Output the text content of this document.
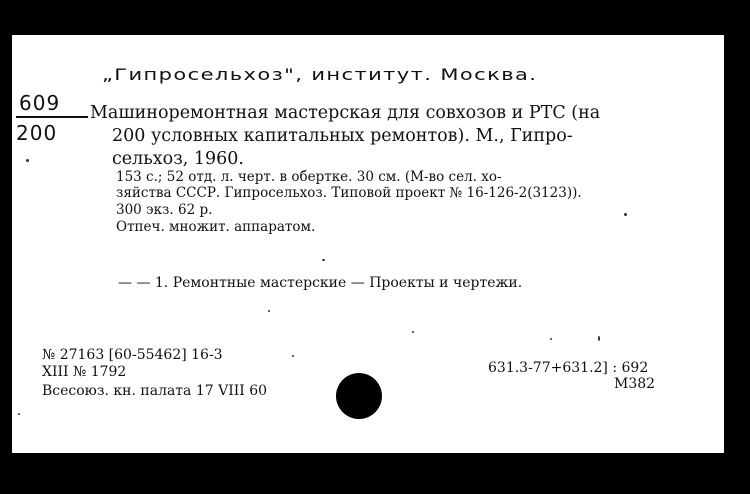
„Гипросельхоз", институт. Москва.
609
200
Машиноремонтная мастерская для совхозов и РТС (на
200 условных капитальных ремонтов). М., Гипро-
сельхоз, 1960.
153 с.; 52 отд. л. черт. в обертке. 30 см. (М-во сел. хо-
зяйства СССР. Гипросельхоз. Типовой проект № 16-126-2(3123)).
300 экз. 62 р.
Отпеч. множит. аппаратом.
— — 1. Ремонтные мастерские — Проекты и чертежи.
№ 27163 [60-55462] 16-3
XIII № 1792
Всесоюз. кн. палата 17 VIII 60
631.3-77+631.2] : 692
М382
